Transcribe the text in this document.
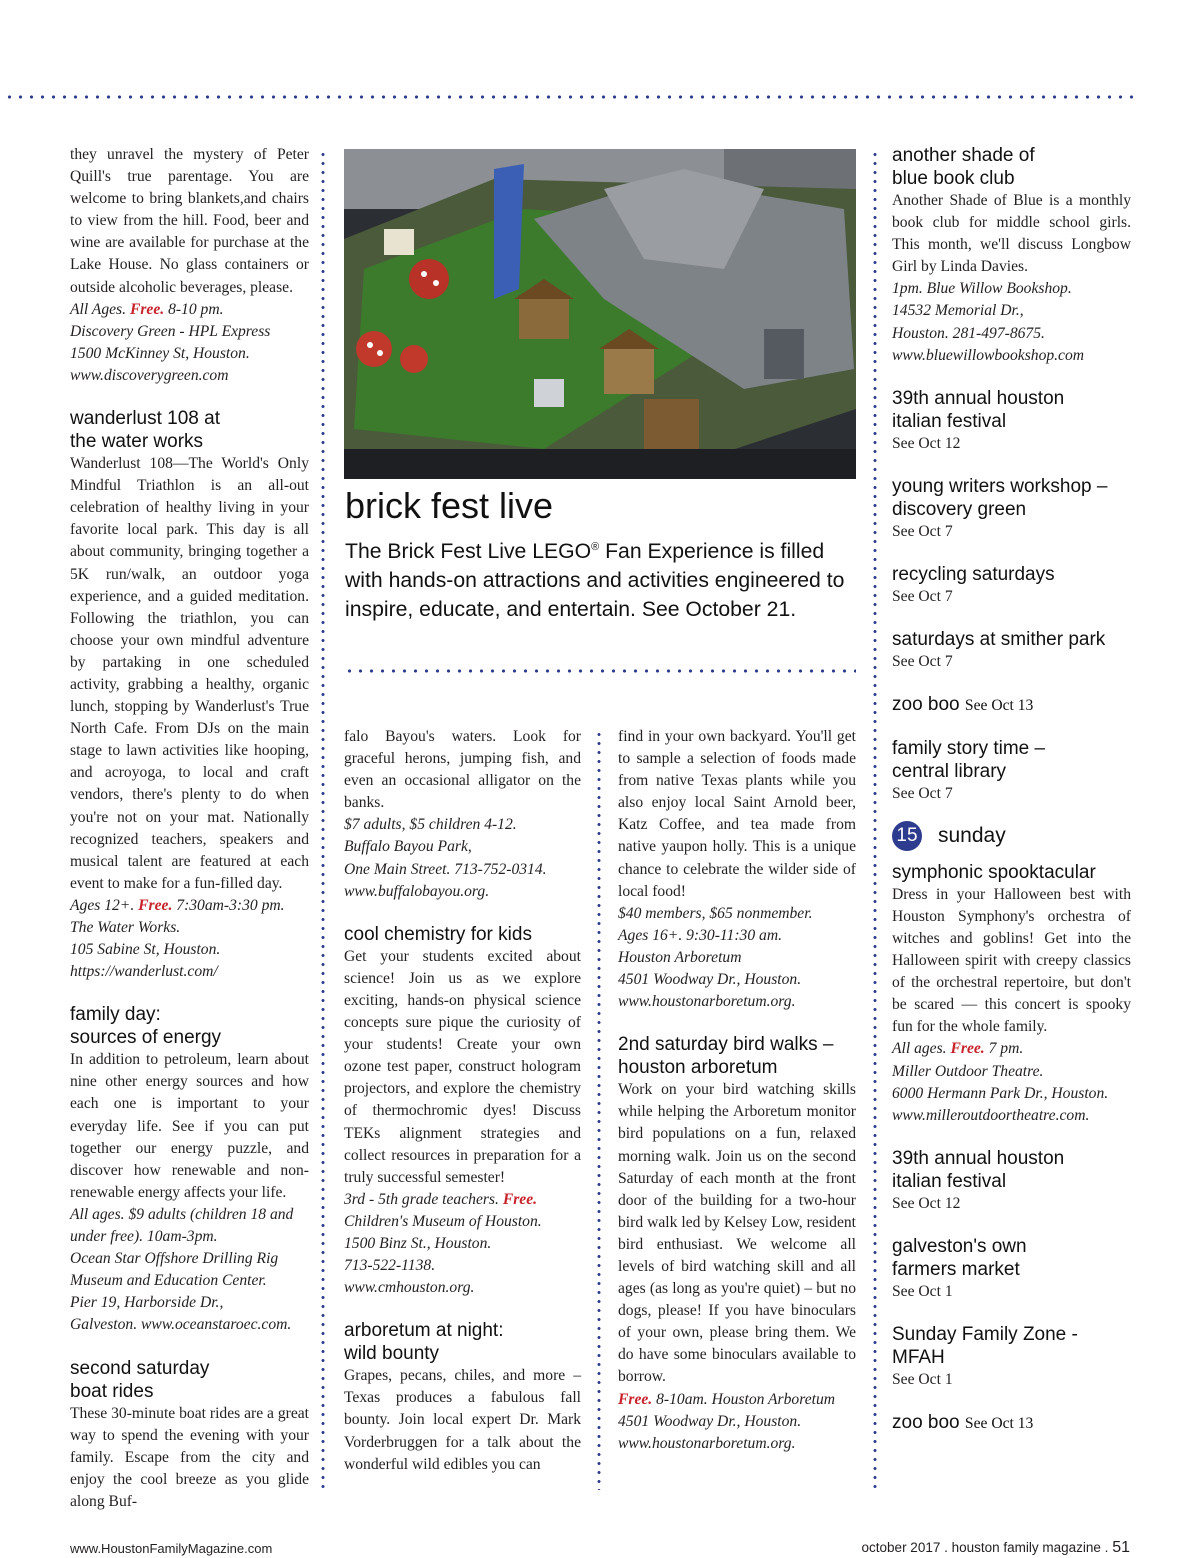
they unravel the mystery of Peter Quill's true parentage. You are welcome to bring blankets,and chairs to view from the hill. Food, beer and wine are available for purchase at the Lake House. No glass containers or outside alcoholic beverages, please.

All Ages. Free. 8-10 pm.

Discovery Green - HPL Express

1500 McKinney St, Houston.

www.discoverygreen.com

wanderlust 108 at
the water works

Wanderlust 108—The World's Only Mindful Triathlon is an all-out celebration of healthy living in your favorite local park. This day is all about community, bringing together a 5K run/walk, an outdoor yoga experience, and a guided meditation. Following the triathlon, you can choose your own mindful adventure by partaking in one scheduled activity, grabbing a healthy, organic lunch, stopping by Wanderlust's True North Cafe. From DJs on the main stage to lawn activities like hooping, and acroyoga, to local and craft vendors, there's plenty to do when you're not on your mat. Nationally recognized teachers, speakers and musical talent are featured at each event to make for a fun-filled day.

Ages 12+. Free. 7:30am-3:30 pm.

The Water Works.

105 Sabine St, Houston.

https://wanderlust.com/

family day:
sources of energy

In addition to petroleum, learn about nine other energy sources and how each one is important to your everyday life. See if you can put together our energy puzzle, and discover how renewable and non-renewable energy affects your life.

All ages. $9 adults (children 18 and under free). 10am-3pm.

Ocean Star Offshore Drilling Rig Museum and Education Center.

Pier 19, Harborside Dr.,

Galveston. www.oceanstaroec.com.

second saturday
boat rides

These 30-minute boat rides are a great way to spend the evening with your family. Escape from the city and enjoy the cool breeze as you glide along Buf-

brick fest live

The Brick Fest Live LEGO® Fan Experience is filled with hands-on attractions and activities engineered to inspire, educate, and entertain. See October 21.

falo Bayou's waters. Look for graceful herons, jumping fish, and even an occasional alligator on the banks.

$7 adults, $5 children 4-12.

Buffalo Bayou Park,

One Main Street. 713-752-0314.

www.buffalobayou.org.

cool chemistry for kids

Get your students excited about science! Join us as we explore exciting, hands-on physical science concepts sure pique the curiosity of your students! Create your own ozone test paper, construct hologram projectors, and explore the chemistry of thermochromic dyes! Discuss TEKs alignment strategies and collect resources in preparation for a truly successful semester!

3rd - 5th grade teachers. Free.

Children's Museum of Houston.

1500 Binz St., Houston.

713-522-1138.

www.cmhouston.org.

arboretum at night:
wild bounty

Grapes, pecans, chiles, and more – Texas produces a fabulous fall bounty. Join local expert Dr. Mark Vorderbruggen for a talk about the wonderful wild edibles you can

find in your own backyard. You'll get to sample a selection of foods made from native Texas plants while you also enjoy local Saint Arnold beer, Katz Coffee, and tea made from native yaupon holly. This is a unique chance to celebrate the wilder side of local food!

$40 members, $65 nonmember.

Ages 16+. 9:30-11:30 am.

Houston Arboretum

4501 Woodway Dr., Houston.

www.houstonarboretum.org.

2nd saturday bird walks –
houston arboretum

Work on your bird watching skills while helping the Arboretum monitor bird populations on a fun, relaxed morning walk. Join us on the second Saturday of each month at the front door of the building for a two-hour bird walk led by Kelsey Low, resident bird enthusiast. We welcome all levels of bird watching skill and all ages (as long as you're quiet) – but no dogs, please! If you have binoculars of your own, please bring them. We do have some binoculars available to borrow.

Free. 8-10am. Houston Arboretum

4501 Woodway Dr., Houston.

www.houstonarboretum.org.

another shade of
blue book club

Another Shade of Blue is a monthly book club for middle school girls. This month, we'll discuss Longbow Girl by Linda Davies.

1pm. Blue Willow Bookshop.

14532 Memorial Dr.,

Houston. 281-497-8675.

www.bluewillowbookshop.com

39th annual houston
italian festival

See Oct 12

young writers workshop –
discovery green

See Oct 7

recycling saturdays

See Oct 7

saturdays at smither park

See Oct 7

zoo boo See Oct 13
family story time –
central library

See Oct 7

15 sunday
symphonic spooktacular

Dress in your Halloween best with Houston Symphony's orchestra of witches and goblins! Get into the Halloween spirit with creepy classics of the orchestral repertoire, but don't be scared — this concert is spooky fun for the whole family.

All ages. Free. 7 pm.

Miller Outdoor Theatre.

6000 Hermann Park Dr., Houston.

www.milleroutdoortheatre.com.

39th annual houston
italian festival

See Oct 12

galveston's own
farmers market

See Oct 1

Sunday Family Zone - MFAH

See Oct 1

zoo boo See Oct 13
www.HoustonFamilyMagazine.com	october 2017 . houston family magazine . 51
